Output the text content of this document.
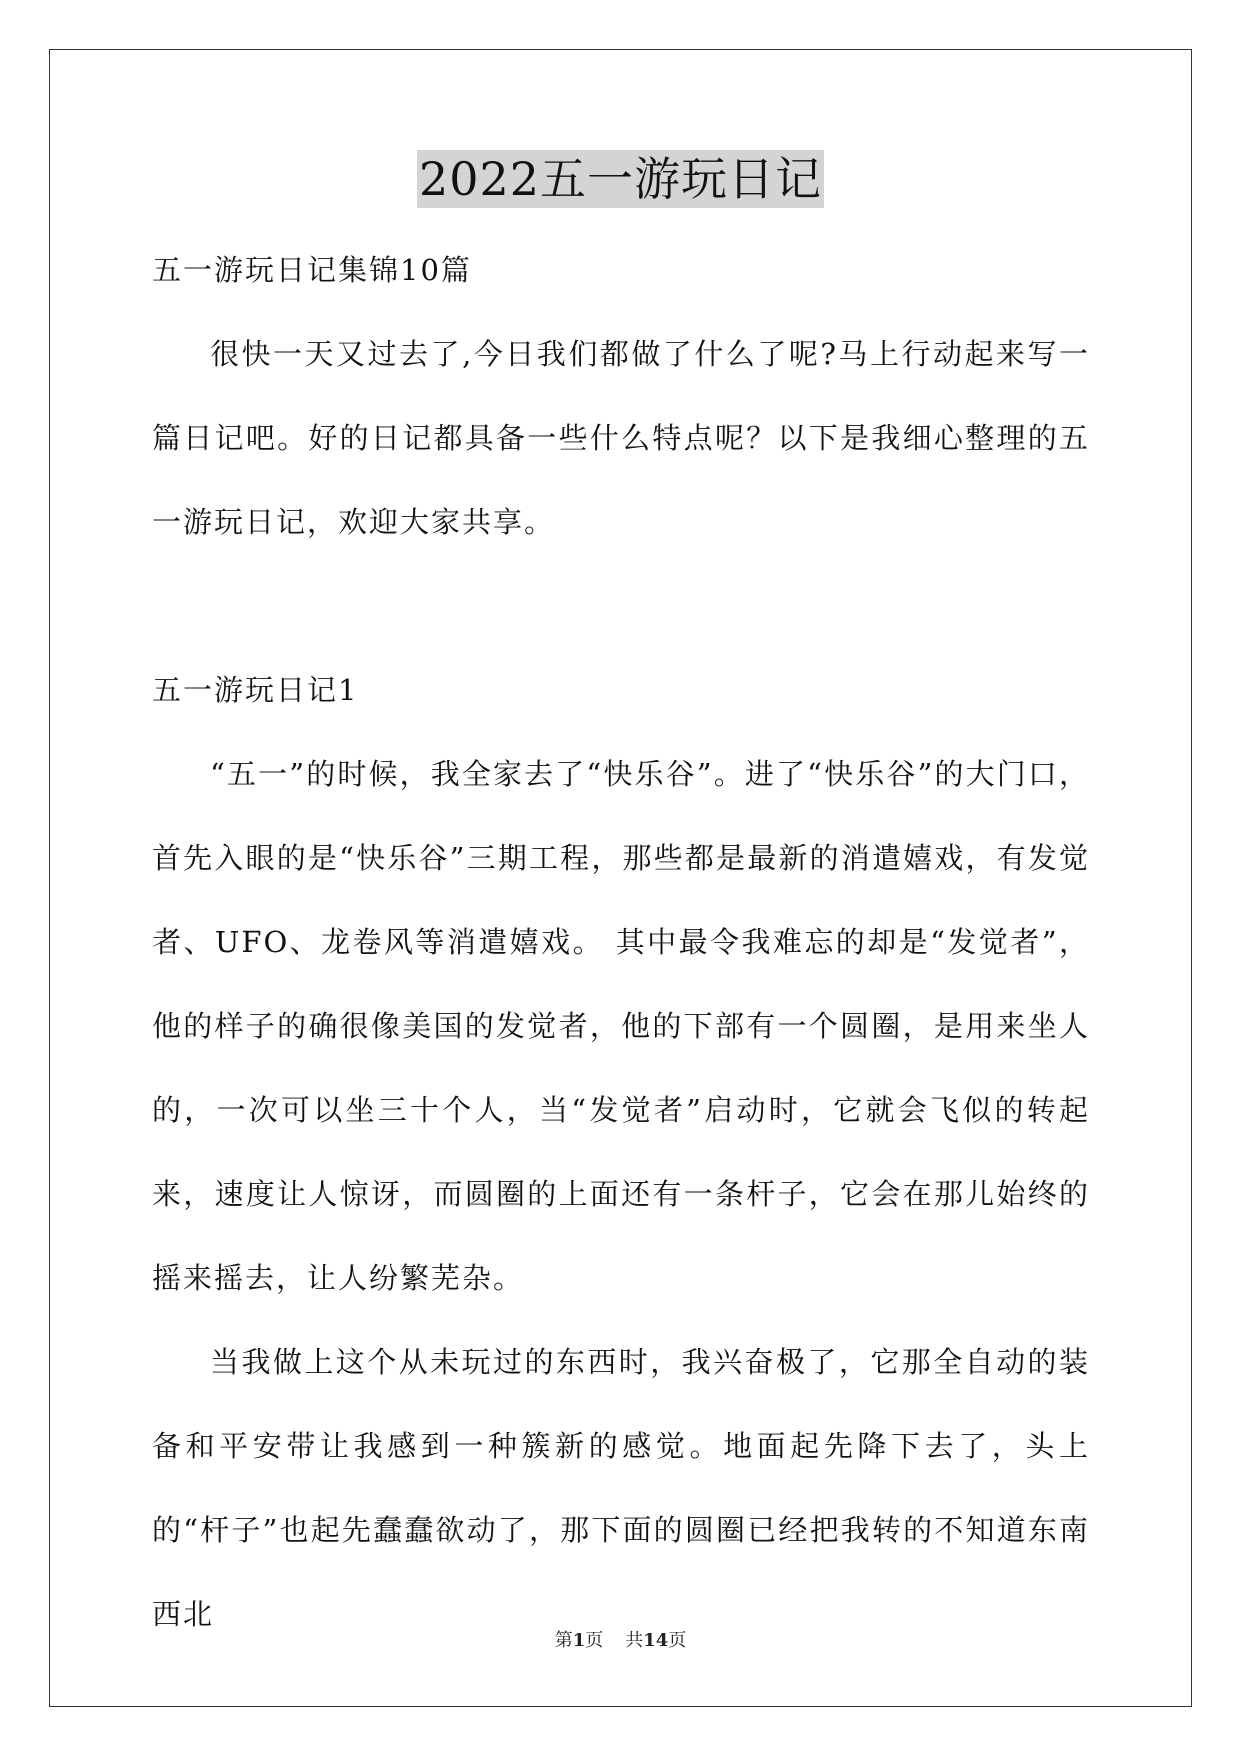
2022五一游玩日记

五一游玩日记集锦10篇

很快一天又过去了,今日我们都做了什么了呢?马上行动起来写一篇日记吧。好的日记都具备一些什么特点呢？以下是我细心整理的五一游玩日记，欢迎大家共享。

五一游玩日记1

“五一”的时候，我全家去了“快乐谷”。进了“快乐谷”的大门口，首先入眼的是“快乐谷”三期工程，那些都是最新的消遣嬉戏，有发觉者、UFO、龙卷风等消遣嬉戏。 其中最令我难忘的却是“发觉者”，他的样子的确很像美国的发觉者，他的下部有一个圆圈，是用来坐人的，一次可以坐三十个人，当“发觉者”启动时，它就会飞似的转起来，速度让人惊讶，而圆圈的上面还有一条杆子，它会在那儿始终的摇来摇去，让人纷繁芜杂。

当我做上这个从未玩过的东西时，我兴奋极了，它那全自动的装备和平安带让我感到一种簇新的感觉。地面起先降下去了，头上的“杆子”也起先蠢蠢欲动了，那下面的圆圈已经把我转的不知道东南西北

第1页 共14页
